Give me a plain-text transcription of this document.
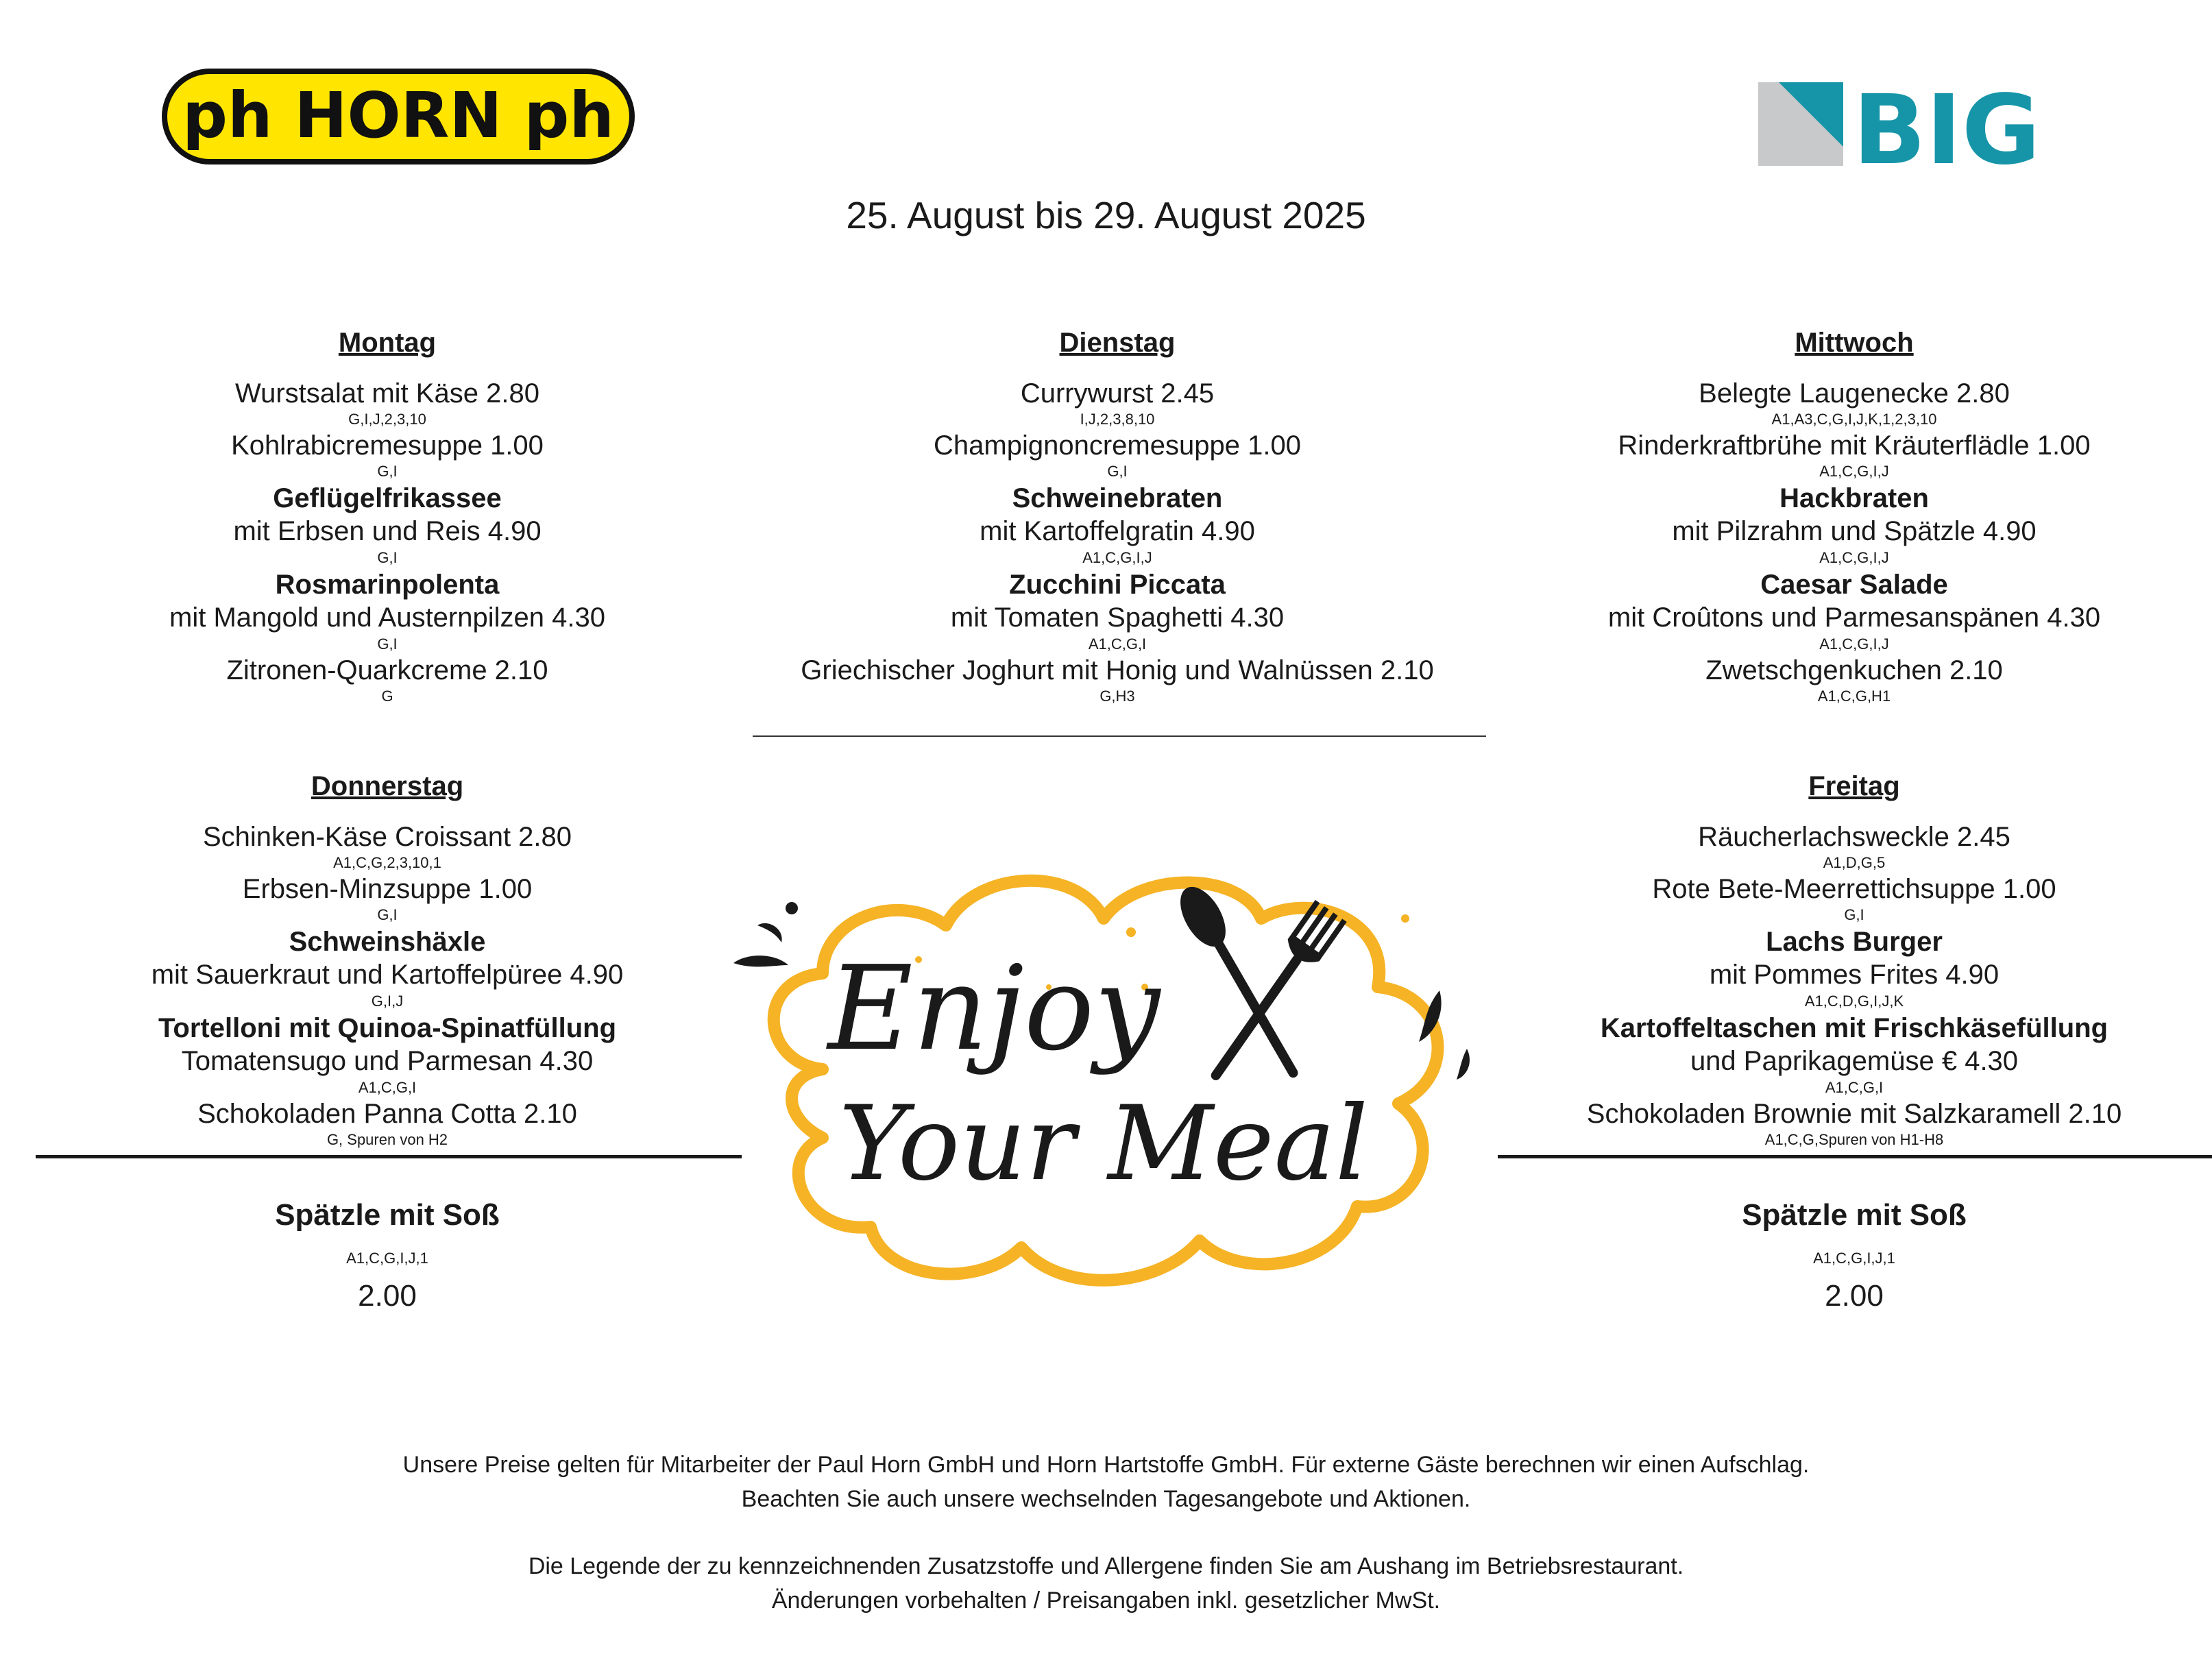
ph HORN ph	BIG
25. August bis 29. August 2025
Montag
Wurstsalat mit Käse 2.80
G,I,J,2,3,10
Kohlrabicremesuppe 1.00
G,I
Geflügelfrikassee
mit Erbsen und Reis 4.90
G,I
Rosmarinpolenta
mit Mangold und Austernpilzen 4.30
G,I
Zitronen-Quarkcreme 2.10
G
Dienstag
Currywurst 2.45
I,J,2,3,8,10
Champignoncremesuppe 1.00
G,I
Schweinebraten
mit Kartoffelgratin 4.90
A1,C,G,I,J
Zucchini Piccata
mit Tomaten Spaghetti 4.30
A1,C,G,I
Griechischer Joghurt mit Honig und Walnüssen 2.10
G,H3
Mittwoch
Belegte Laugenecke 2.80
A1,A3,C,G,I,J,K,1,2,3,10
Rinderkraftbrühe mit Kräuterflädle 1.00
A1,C,G,I,J
Hackbraten
mit Pilzrahm und Spätzle 4.90
A1,C,G,I,J
Caesar Salade
mit Croûtons und Parmesanspänen 4.30
A1,C,G,I,J
Zwetschgenkuchen 2.10
A1,C,G,H1
Donnerstag
Schinken-Käse Croissant 2.80
A1,C,G,2,3,10,1
Erbsen-Minzsuppe 1.00
G,I
Schweinshäxle
mit Sauerkraut und Kartoffelpüree 4.90
G,I,J
Tortelloni mit Quinoa-Spinatfüllung
Tomatensugo und Parmesan 4.30
A1,C,G,I
Schokoladen Panna Cotta 2.10
G, Spuren von H2
Freitag
Räucherlachsweckle 2.45
A1,D,G,5
Rote Bete-Meerrettichsuppe 1.00
G,I
Lachs Burger
mit Pommes Frites 4.90
A1,C,D,G,I,J,K
Kartoffeltaschen mit Frischkäsefüllung
und Paprikagemüse € 4.30
A1,C,G,I
Schokoladen Brownie mit Salzkaramell 2.10
A1,C,G,Spuren von H1-H8
Spätzle mit Soß
A1,C,G,I,J,1
2.00
Spätzle mit Soß
A1,C,G,I,J,1
2.00
Enjoy
Your Meal
Unsere Preise gelten für Mitarbeiter der Paul Horn GmbH und Horn Hartstoffe GmbH. Für externe Gäste berechnen wir einen Aufschlag.
Beachten Sie auch unsere wechselnden Tagesangebote und Aktionen.
Die Legende der zu kennzeichnenden Zusatzstoffe und Allergene finden Sie am Aushang im Betriebsrestaurant.
Änderungen vorbehalten / Preisangaben inkl. gesetzlicher MwSt.
